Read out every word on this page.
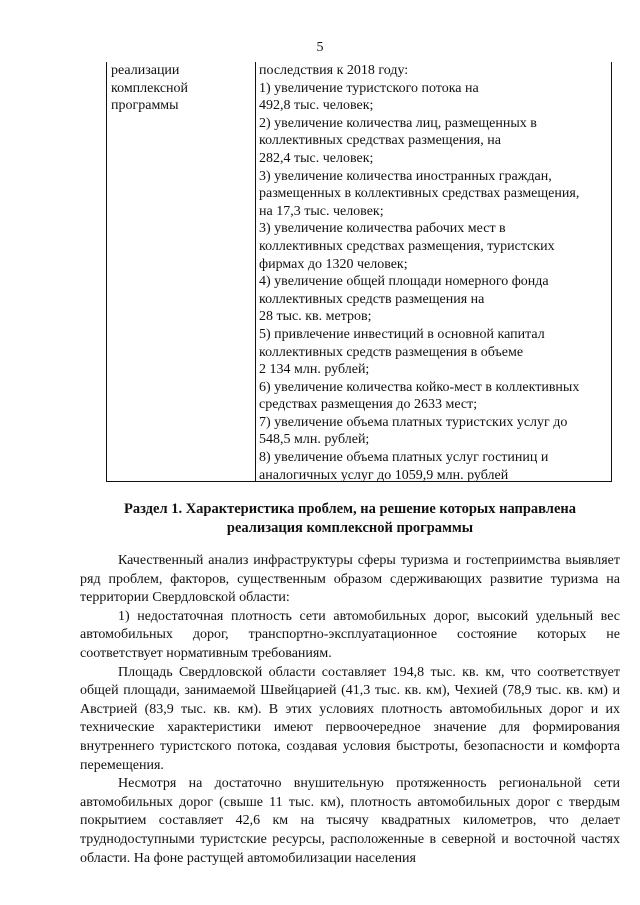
5
реализации
комплексной
программы
последствия к 2018 году:
1) увеличение туристского потока на
492,8 тыс. человек;
2) увеличение количества лиц, размещенных в
коллективных средствах размещения, на
282,4 тыс. человек;
3) увеличение количества иностранных граждан,
размещенных в коллективных средствах размещения,
на 17,3 тыс. человек;
3) увеличение количества рабочих мест в
коллективных средствах размещения, туристских
фирмах до 1320 человек;
4) увеличение общей площади номерного фонда
коллективных средств размещения на
28 тыс. кв. метров;
5) привлечение инвестиций в основной капитал
коллективных средств размещения в объеме
2 134 млн. рублей;
6) увеличение количества койко-мест в коллективных
средствах размещения до 2633 мест;
7) увеличение объема платных туристских услуг до
548,5 млн. рублей;
8) увеличение объема платных услуг гостиниц и
аналогичных услуг до 1059,9 млн. рублей
Раздел 1. Характеристика проблем, на решение которых направлена
реализация комплексной программы

Качественный анализ инфраструктуры сферы туризма и гостеприимства выявляет ряд проблем, факторов, существенным образом сдерживающих развитие туризма на территории Свердловской области:

1) недостаточная плотность сети автомобильных дорог, высокий удельный вес автомобильных дорог, транспортно-эксплуатационное состояние которых не соответствует нормативным требованиям.

Площадь Свердловской области составляет 194,8 тыс. кв. км, что соответствует общей площади, занимаемой Швейцарией (41,3 тыс. кв. км), Чехией (78,9 тыс. кв. км) и Австрией (83,9 тыс. кв. км). В этих условиях плотность автомобильных дорог и их технические характеристики имеют первоочередное значение для формирования внутреннего туристского потока, создавая условия быстроты, безопасности и комфорта перемещения.

Несмотря на достаточно внушительную протяженность региональной сети автомобильных дорог (свыше 11 тыс. км), плотность автомобильных дорог с твердым покрытием составляет 42,6 км на тысячу квадратных километров, что делает труднодоступными туристские ресурсы, расположенные в северной и восточной частях области. На фоне растущей автомобилизации населения
